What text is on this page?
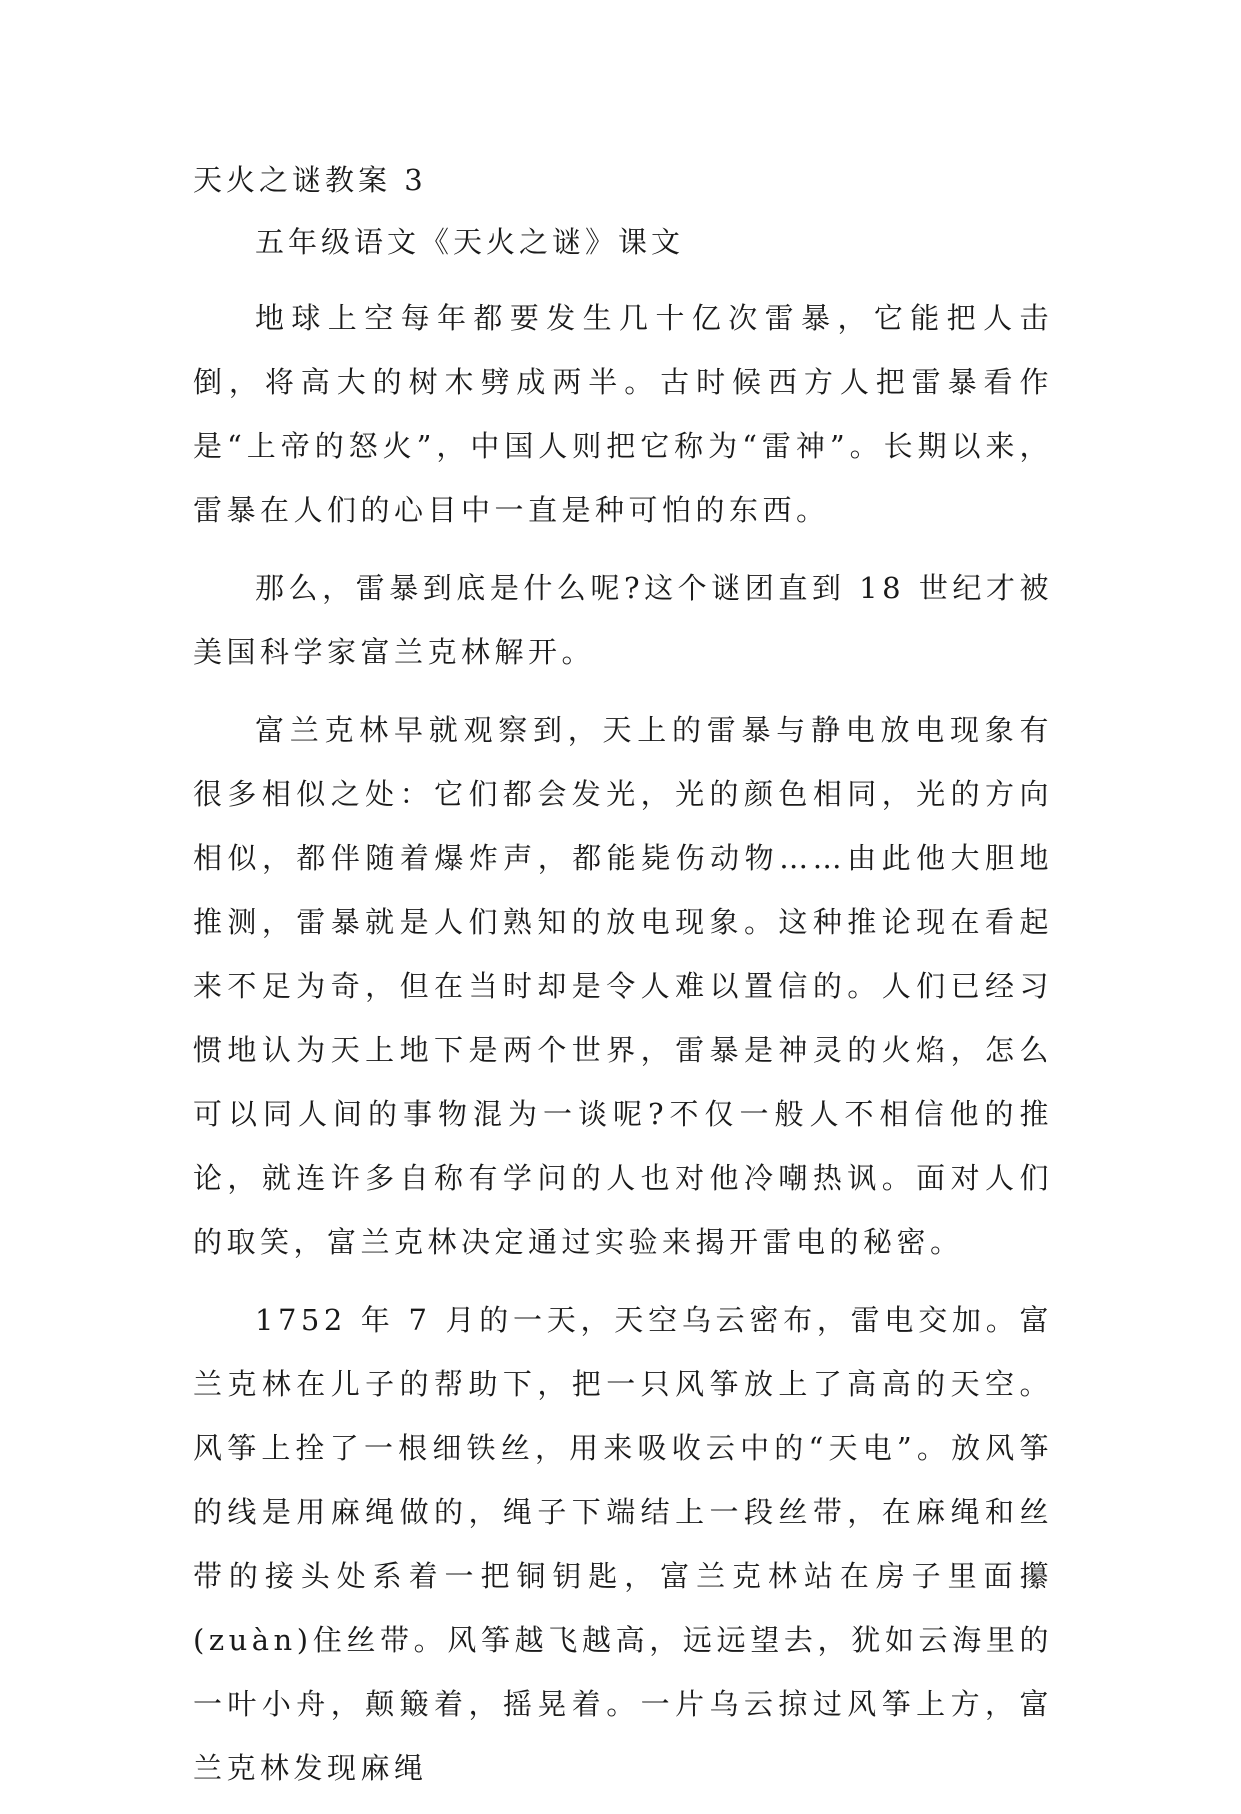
天火之谜教案 3
五年级语文《天火之谜》课文

地球上空每年都要发生几十亿次雷暴，它能把人击倒，将高大的树木劈成两半。古时候西方人把雷暴看作是“上帝的怒火”，中国人则把它称为“雷神”。长期以来，雷暴在人们的心目中一直是种可怕的东西。

那么，雷暴到底是什么呢?这个谜团直到 18 世纪才被美国科学家富兰克林解开。

富兰克林早就观察到，天上的雷暴与静电放电现象有很多相似之处：它们都会发光，光的颜色相同，光的方向相似，都伴随着爆炸声，都能毙伤动物……由此他大胆地推测，雷暴就是人们熟知的放电现象。这种推论现在看起来不足为奇，但在当时却是令人难以置信的。人们已经习惯地认为天上地下是两个世界，雷暴是神灵的火焰，怎么可以同人间的事物混为一谈呢?不仅一般人不相信他的推论，就连许多自称有学问的人也对他冷嘲热讽。面对人们的取笑，富兰克林决定通过实验来揭开雷电的秘密。

1752 年 7 月的一天，天空乌云密布，雷电交加。富兰克林在儿子的帮助下，把一只风筝放上了高高的天空。风筝上拴了一根细铁丝，用来吸收云中的“天电”。放风筝的线是用麻绳做的，绳子下端结上一段丝带，在麻绳和丝带的接头处系着一把铜钥匙，富兰克林站在房子里面攥(zuàn)住丝带。风筝越飞越高，远远望去，犹如云海里的一叶小舟，颠簸着，摇晃着。一片乌云掠过风筝上方，富兰克林发现麻绳
